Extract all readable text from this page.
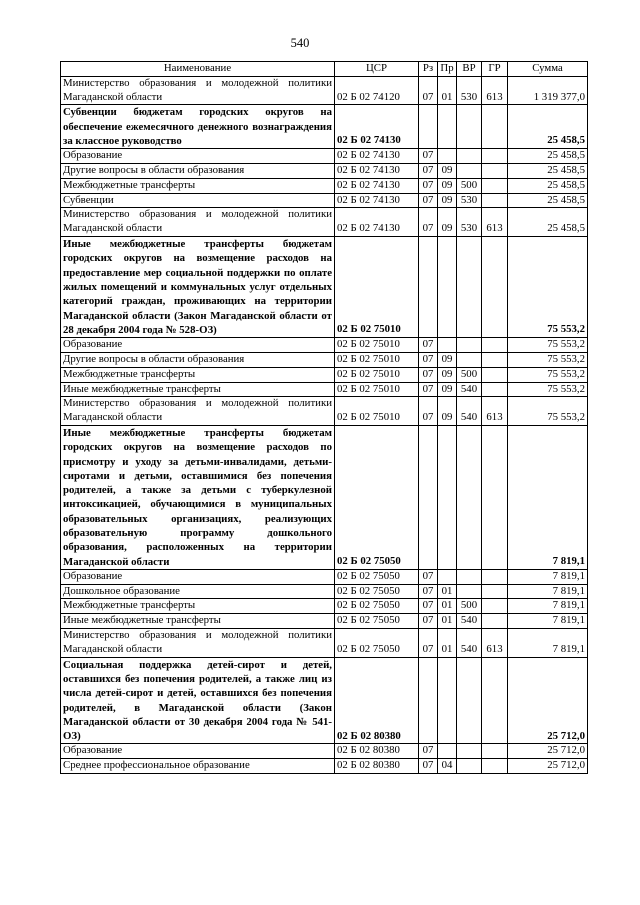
540
Наименование	ЦСР	Рз	Пр	ВР	ГР	Сумма
Министерство образования и молодежной политики Магаданской области	02 Б 02 74120	07	01	530	613	1 319 377,0
Субвенции бюджетам городских округов на обеспечение ежемесячного денежного вознаграждения за классное руководство	02 Б 02 74130					25 458,5
Образование	02 Б 02 74130	07				25 458,5
Другие вопросы в области образования	02 Б 02 74130	07	09			25 458,5
Межбюджетные трансферты	02 Б 02 74130	07	09	500		25 458,5
Субвенции	02 Б 02 74130	07	09	530		25 458,5
Министерство образования и молодежной политики Магаданской области	02 Б 02 74130	07	09	530	613	25 458,5
Иные межбюджетные трансферты бюджетам городских округов на возмещение расходов на предоставление мер социальной поддержки по оплате жилых помещений и коммунальных услуг отдельных категорий граждан, проживающих на территории Магаданской области (Закон Магаданской области от 28 декабря 2004 года № 528-ОЗ)	02 Б 02 75010					75 553,2
Образование	02 Б 02 75010	07				75 553,2
Другие вопросы в области образования	02 Б 02 75010	07	09			75 553,2
Межбюджетные трансферты	02 Б 02 75010	07	09	500		75 553,2
Иные межбюджетные трансферты	02 Б 02 75010	07	09	540		75 553,2
Министерство образования и молодежной политики Магаданской области	02 Б 02 75010	07	09	540	613	75 553,2
Иные межбюджетные трансферты бюджетам городских округов на возмещение расходов по присмотру и уходу за детьми-инвалидами, детьми-сиротами и детьми, оставшимися без попечения родителей, а также за детьми с туберкулезной интоксикацией, обучающимися в муниципальных образовательных организациях, реализующих образовательную программу дошкольного образования, расположенных на территории Магаданской области	02 Б 02 75050					7 819,1
Образование	02 Б 02 75050	07				7 819,1
Дошкольное образование	02 Б 02 75050	07	01			7 819,1
Межбюджетные трансферты	02 Б 02 75050	07	01	500		7 819,1
Иные межбюджетные трансферты	02 Б 02 75050	07	01	540		7 819,1
Министерство образования и молодежной политики Магаданской области	02 Б 02 75050	07	01	540	613	7 819,1
Социальная поддержка детей-сирот и детей, оставшихся без попечения родителей, а также лиц из числа детей-сирот и детей, оставшихся без попечения родителей, в Магаданской области (Закон Магаданской области от 30 декабря 2004 года № 541-ОЗ)	02 Б 02 80380					25 712,0
Образование	02 Б 02 80380	07				25 712,0
Среднее профессиональное образование	02 Б 02 80380	07	04			25 712,0
